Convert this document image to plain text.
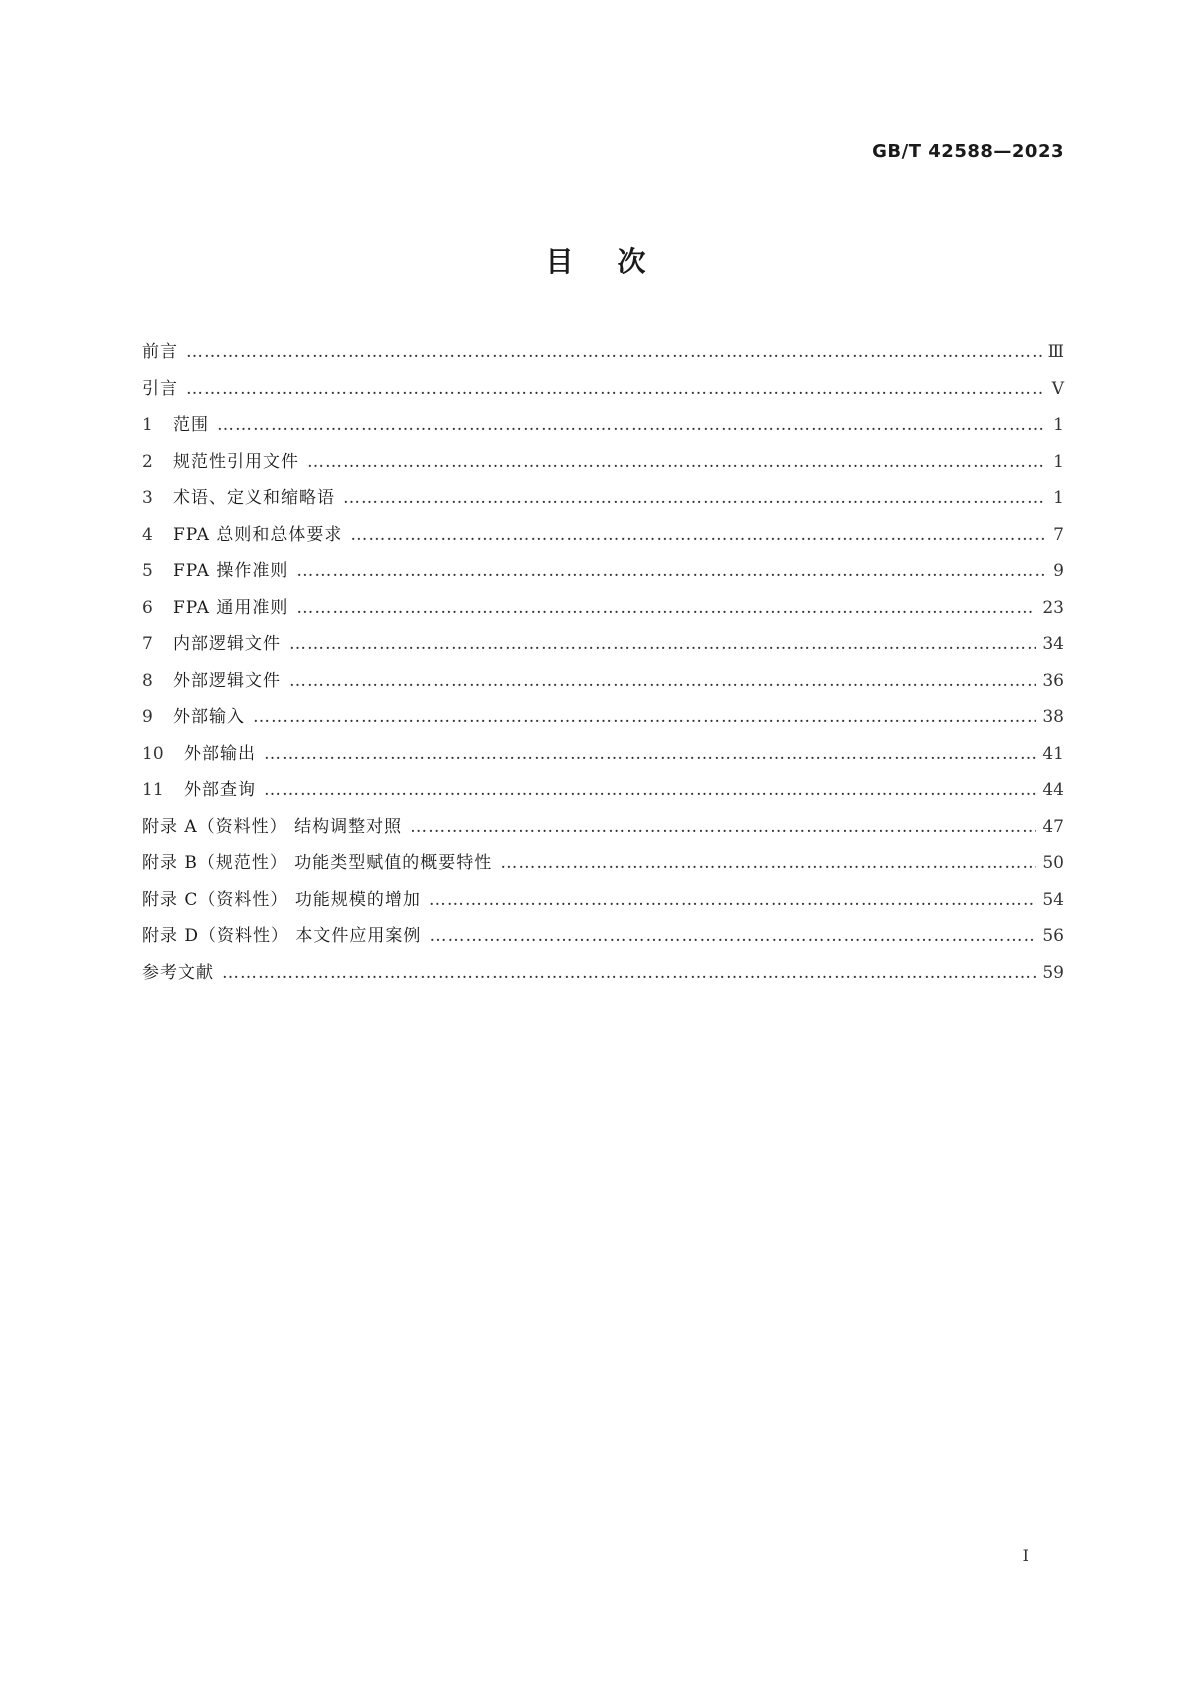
GB/T 42588—2023
目次
前言 …………………………………………………………………………………………………………………………………………………………………………………………………………………………………………………	Ⅲ
引言 …………………………………………………………………………………………………………………………………………………………………………………………………………………………………………………	Ⅴ
1	范围 …………………………………………………………………………………………………………………………………………………………………………………………………………………………………………………	1
2	规范性引用文件 …………………………………………………………………………………………………………………………………………………………………………………………………………………………………………………	1
3	术语、定义和缩略语 …………………………………………………………………………………………………………………………………………………………………………………………………………………………………………………	1
4	FPA 总则和总体要求 …………………………………………………………………………………………………………………………………………………………………………………………………………………………………………………	7
5	FPA 操作准则 …………………………………………………………………………………………………………………………………………………………………………………………………………………………………………………	9
6	FPA 通用准则 …………………………………………………………………………………………………………………………………………………………………………………………………………………………………………………	23
7	内部逻辑文件 …………………………………………………………………………………………………………………………………………………………………………………………………………………………………………………	34
8	外部逻辑文件 …………………………………………………………………………………………………………………………………………………………………………………………………………………………………………………	36
9	外部输入 …………………………………………………………………………………………………………………………………………………………………………………………………………………………………………………	38
10	外部输出 …………………………………………………………………………………………………………………………………………………………………………………………………………………………………………………	41
11	外部查询 …………………………………………………………………………………………………………………………………………………………………………………………………………………………………………………	44
附录 A（资料性） 结构调整对照 …………………………………………………………………………………………………………………………………………………………………………………………………………………………………………………	47
附录 B（规范性） 功能类型赋值的概要特性 …………………………………………………………………………………………………………………………………………………………………………………………………………………………………………………	50
附录 C（资料性） 功能规模的增加 …………………………………………………………………………………………………………………………………………………………………………………………………………………………………………………	54
附录 D（资料性） 本文件应用案例 …………………………………………………………………………………………………………………………………………………………………………………………………………………………………………………	56
参考文献 …………………………………………………………………………………………………………………………………………………………………………………………………………………………………………………	59
Ⅰ
